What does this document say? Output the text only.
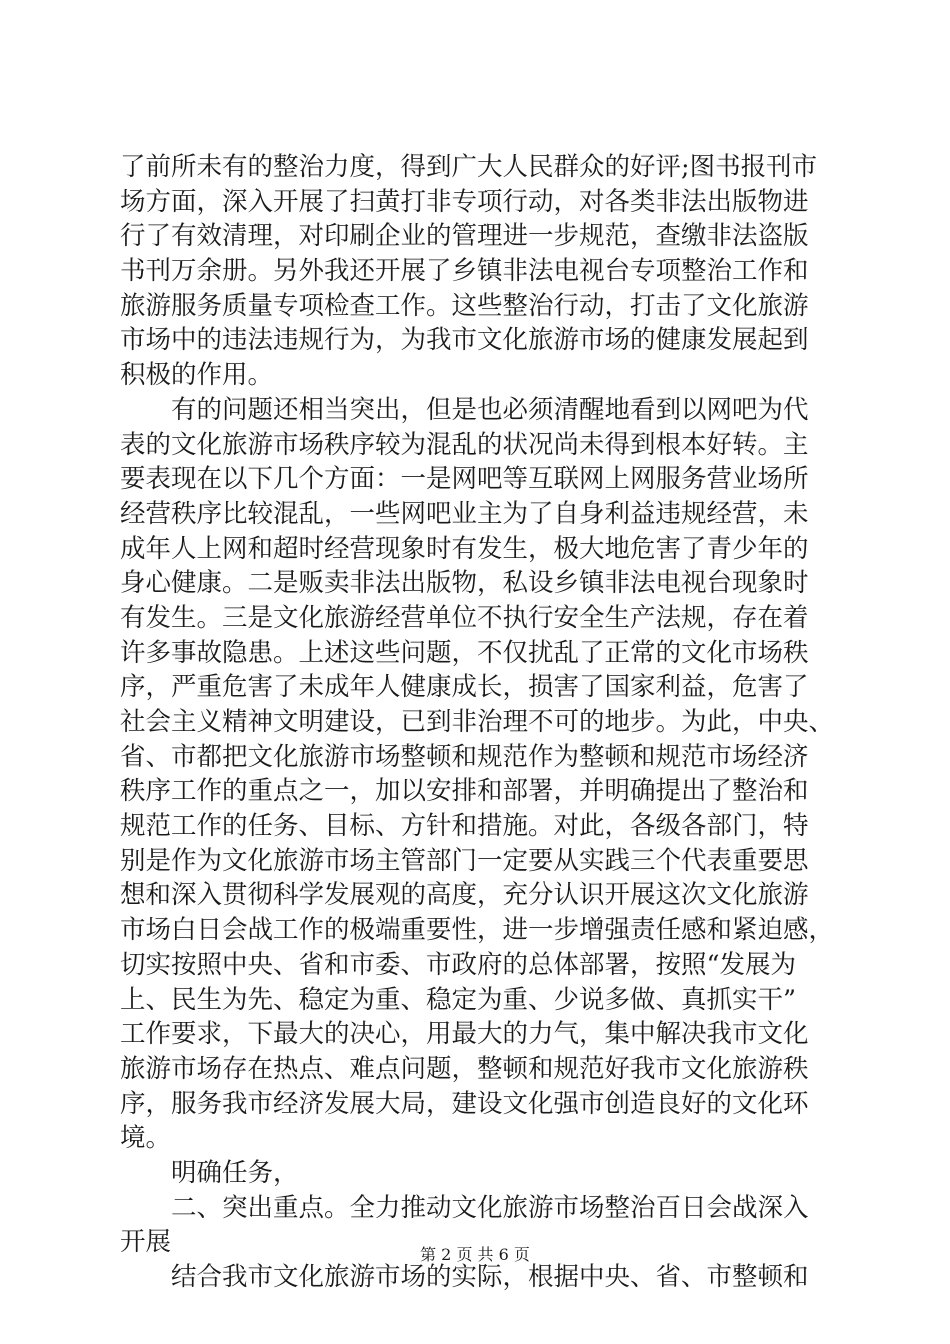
了前所未有的整治力度，得到广大人民群众的好评;图书报刊市
场方面，深入开展了扫黄打非专项行动，对各类非法出版物进
行了有效清理，对印刷企业的管理进一步规范，查缴非法盗版
书刊万余册。另外我还开展了乡镇非法电视台专项整治工作和
旅游服务质量专项检查工作。这些整治行动，打击了文化旅游
市场中的违法违规行为，为我市文化旅游市场的健康发展起到
积极的作用。
　　有的问题还相当突出，但是也必须清醒地看到以网吧为代
表的文化旅游市场秩序较为混乱的状况尚未得到根本好转。主
要表现在以下几个方面：一是网吧等互联网上网服务营业场所
经营秩序比较混乱，一些网吧业主为了自身利益违规经营，未
成年人上网和超时经营现象时有发生，极大地危害了青少年的
身心健康。二是贩卖非法出版物，私设乡镇非法电视台现象时
有发生。三是文化旅游经营单位不执行安全生产法规，存在着
许多事故隐患。上述这些问题，不仅扰乱了正常的文化市场秩
序，严重危害了未成年人健康成长，损害了国家利益，危害了
社会主义精神文明建设，已到非治理不可的地步。为此，中央、
省、市都把文化旅游市场整顿和规范作为整顿和规范市场经济
秩序工作的重点之一，加以安排和部署，并明确提出了整治和
规范工作的任务、目标、方针和措施。对此，各级各部门，特
别是作为文化旅游市场主管部门一定要从实践三个代表重要思
想和深入贯彻科学发展观的高度，充分认识开展这次文化旅游
市场白日会战工作的极端重要性，进一步增强责任感和紧迫感，
切实按照中央、省和市委、市政府的总体部署，按照“发展为
上、民生为先、稳定为重、稳定为重、少说多做、真抓实干”
工作要求，下最大的决心，用最大的力气，集中解决我市文化
旅游市场存在热点、难点问题，整顿和规范好我市文化旅游秩
序，服务我市经济发展大局，建设文化强市创造良好的文化环
境。
　　明确任务，
　　二、突出重点。全力推动文化旅游市场整治百日会战深入
开展
　　结合我市文化旅游市场的实际，根据中央、省、市整顿和
第 2 页 共 6 页
